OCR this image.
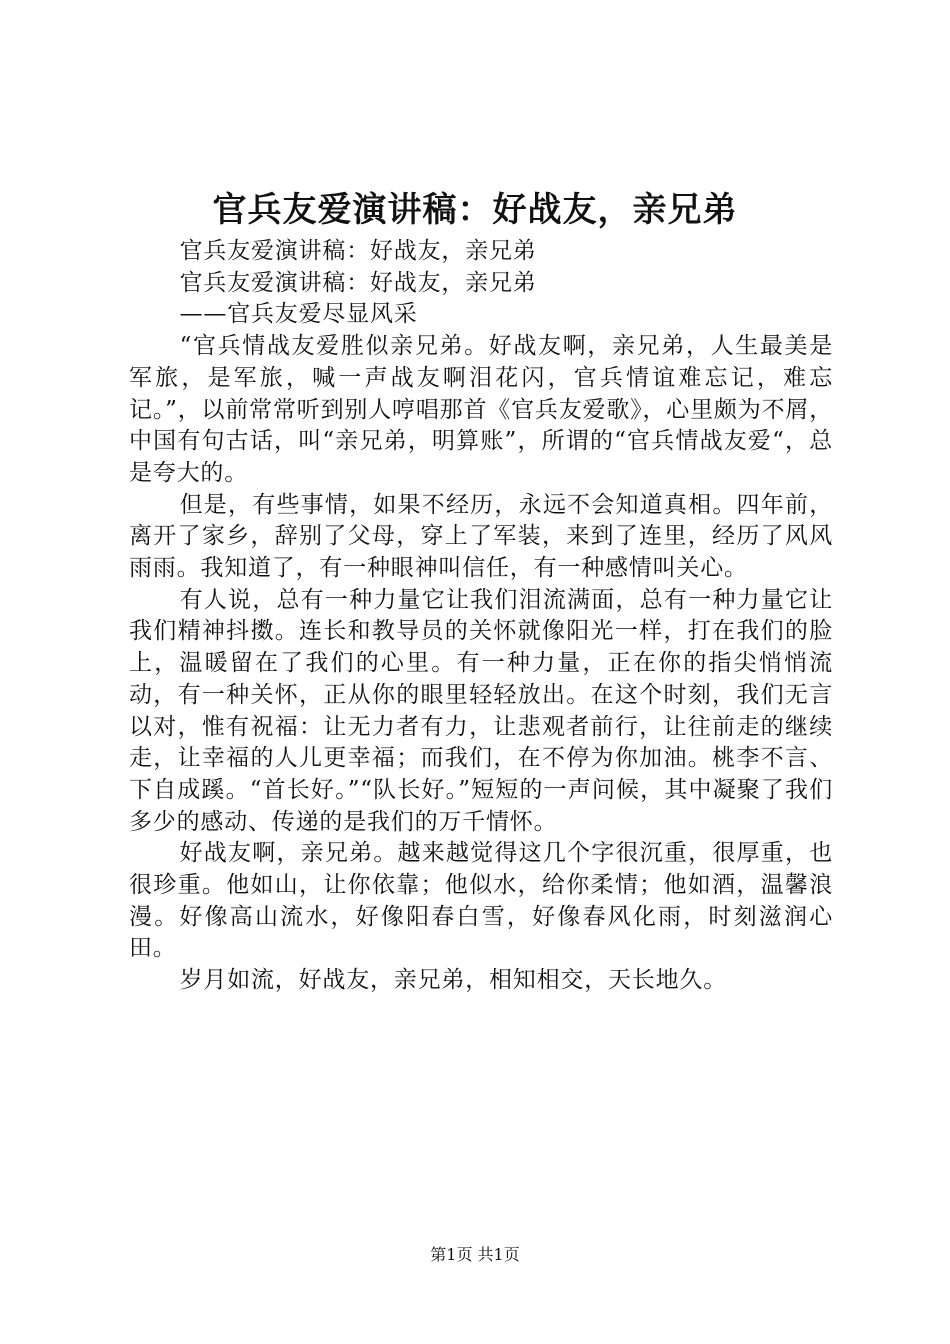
官兵友爱演讲稿：好战友，亲兄弟

官兵友爱演讲稿：好战友，亲兄弟

官兵友爱演讲稿：好战友，亲兄弟

——官兵友爱尽显风采

“官兵情战友爱胜似亲兄弟。好战友啊，亲兄弟，人生最美是军旅，是军旅，喊一声战友啊泪花闪，官兵情谊难忘记，难忘记。”，以前常常听到别人哼唱那首《官兵友爱歌》，心里颇为不屑，中国有句古话，叫“亲兄弟，明算账”，所谓的“官兵情战友爱“，总是夸大的。

但是，有些事情，如果不经历，永远不会知道真相。四年前，离开了家乡，辞别了父母，穿上了军装，来到了连里，经历了风风雨雨。我知道了，有一种眼神叫信任，有一种感情叫关心。

有人说，总有一种力量它让我们泪流满面，总有一种力量它让我们精神抖擞。连长和教导员的关怀就像阳光一样，打在我们的脸上，温暖留在了我们的心里。有一种力量，正在你的指尖悄悄流动，有一种关怀，正从你的眼里轻轻放出。在这个时刻，我们无言以对，惟有祝福：让无力者有力，让悲观者前行，让往前走的继续走，让幸福的人儿更幸福；而我们，在不停为你加油。桃李不言、下自成蹊。“首长好。”“队长好。”短短的一声问候，其中凝聚了我们多少的感动、传递的是我们的万千情怀。

好战友啊，亲兄弟。越来越觉得这几个字很沉重，很厚重，也很珍重。他如山，让你依靠；他似水，给你柔情；他如酒，温馨浪漫。好像高山流水，好像阳春白雪，好像春风化雨，时刻滋润心田。

岁月如流，好战友，亲兄弟，相知相交，天长地久。

第1页 共1页
